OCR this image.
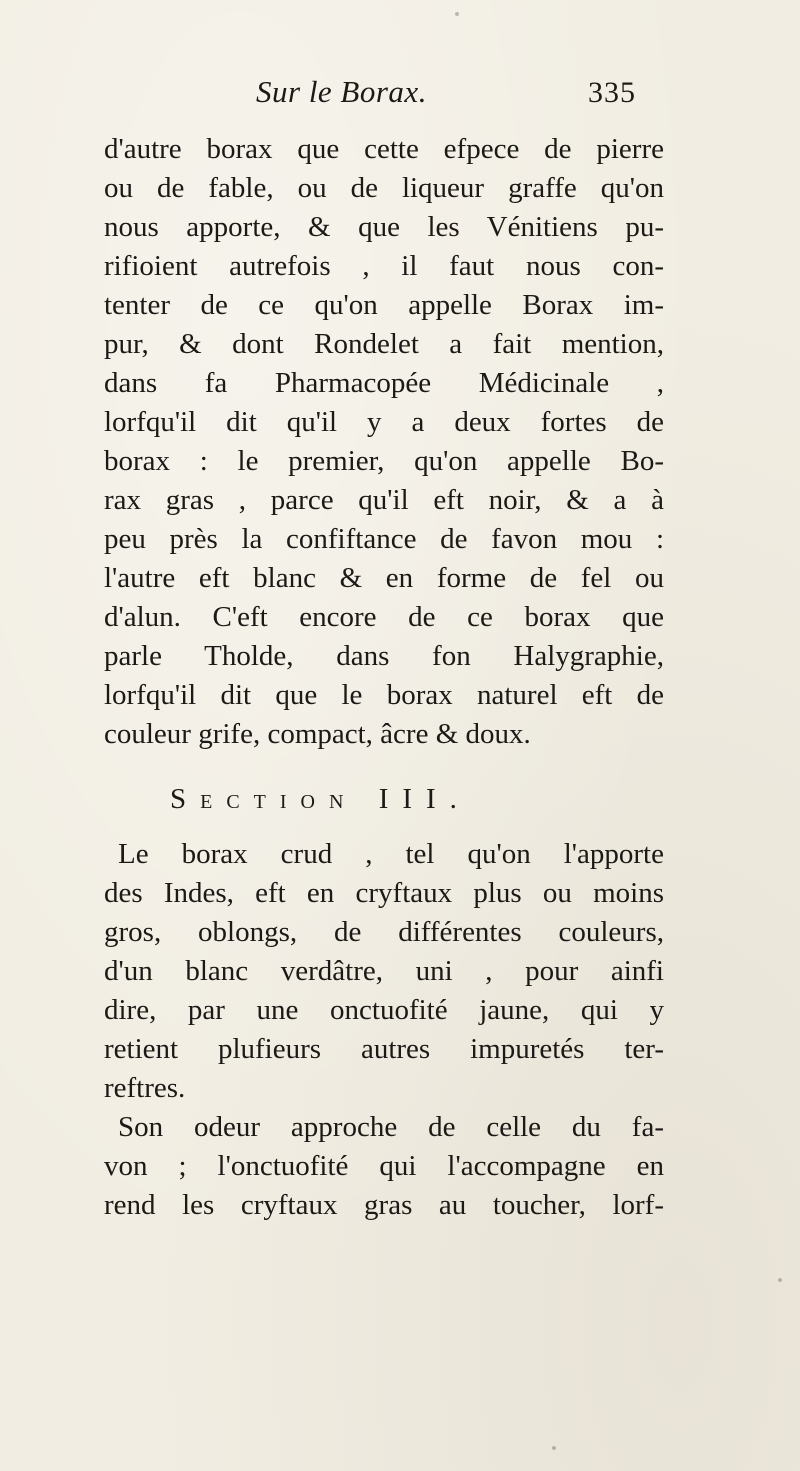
Sur le Borax.	335
d'autre borax que cette efpece de pierre
ou de fable, ou de liqueur graffe qu'on
nous apporte, & que les Vénitiens pu-
rifioient autrefois , il faut nous con-
tenter de ce qu'on appelle Borax im-
pur, & dont Rondelet a fait mention,
dans fa Pharmacopée Médicinale ,
lorfqu'il dit qu'il y a deux fortes de
borax : le premier, qu'on appelle Bo-
rax gras , parce qu'il eft noir, & a à
peu près la confiftance de favon mou :
l'autre eft blanc & en forme de fel ou
d'alun. C'eft encore de ce borax que
parle Tholde, dans fon Halygraphie,
lorfqu'il dit que le borax naturel eft de
couleur grife, compact, âcre & doux.
Le borax crud , tel qu'on l'apporte
des Indes, eft en cryftaux plus ou moins
gros, oblongs, de différentes couleurs,
d'un blanc verdâtre, uni , pour ainfi
dire, par une onctuofité jaune, qui y
retient plufieurs autres impuretés ter-
reftres.
Son odeur approche de celle du fa-
von ; l'onctuofité qui l'accompagne en
rend les cryftaux gras au toucher, lorf-
Section III.
